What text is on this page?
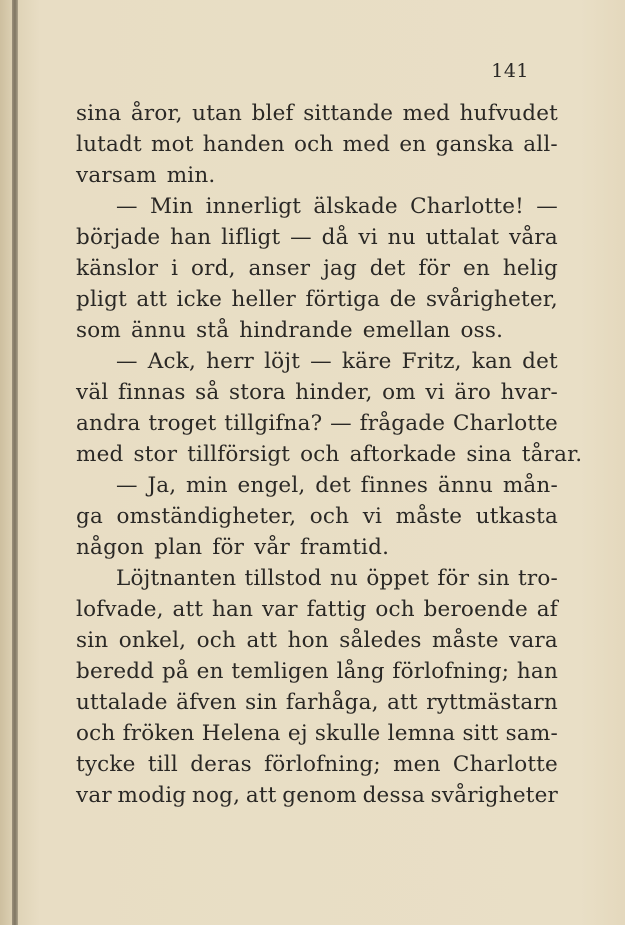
141
sina åror, utan blef sittande med hufvudet
lutadt mot handen och med en ganska all-
varsam min.
— Min innerligt älskade Charlotte! —
började han lifligt — då vi nu uttalat våra
känslor i ord, anser jag det för en helig
pligt att icke heller förtiga de svårigheter,
som ännu stå hindrande emellan oss.
— Ack, herr löjt — käre Fritz, kan det
väl finnas så stora hinder, om vi äro hvar-
andra troget tillgifna? — frågade Charlotte
med stor tillförsigt och aftorkade sina tårar.
— Ja, min engel, det finnes ännu mån-
ga omständigheter, och vi måste utkasta
någon plan för vår framtid.
Löjtnanten tillstod nu öppet för sin tro-
lofvade, att han var fattig och beroende af
sin onkel, och att hon således måste vara
beredd på en temligen lång förlofning; han
uttalade äfven sin farhåga, att ryttmästarn
och fröken Helena ej skulle lemna sitt sam-
tycke till deras förlofning; men Charlotte
var modig nog, att genom dessa svårigheter
